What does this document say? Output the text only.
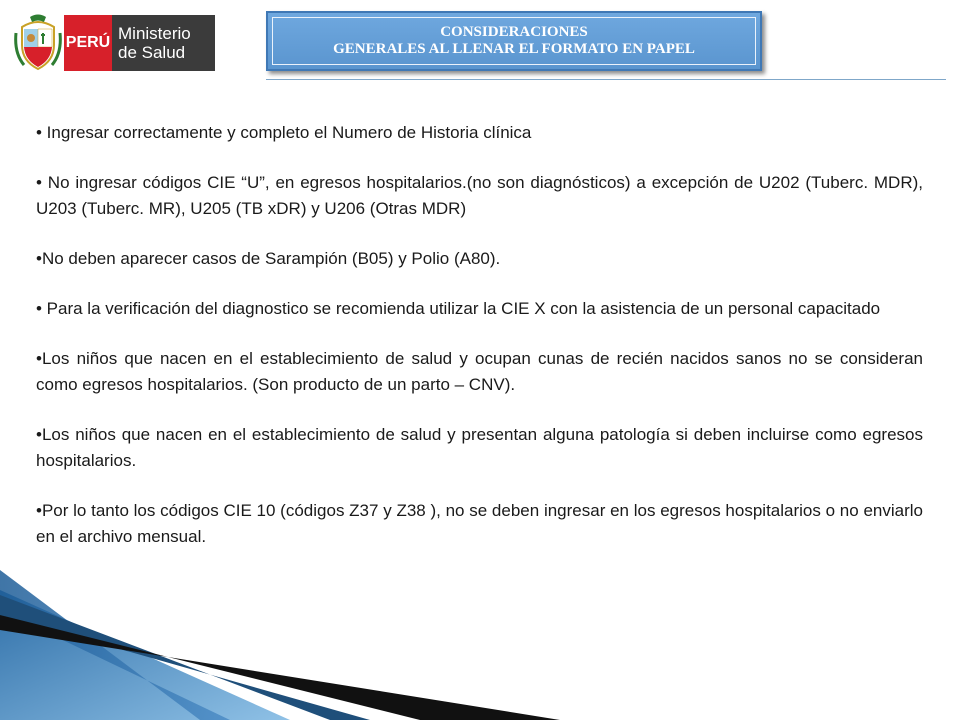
PERÚ Ministerio
de Salud
CONSIDERACIONES
GENERALES AL LLENAR EL FORMATO EN PAPEL

• Ingresar correctamente y completo el Numero de Historia clínica

• No ingresar códigos CIE “U”, en egresos hospitalarios.(no son diagnósticos) a excepción de U202 (Tuberc. MDR), U203 (Tuberc. MR), U205 (TB xDR) y U206 (Otras MDR)

•No deben aparecer casos de Sarampión (B05) y Polio (A80).

• Para la verificación del diagnostico se recomienda utilizar la CIE X con la asistencia de un personal capacitado

•Los niños que nacen en el establecimiento de salud y ocupan cunas de recién nacidos sanos no se consideran como egresos hospitalarios. (Son producto de un parto – CNV).

•Los niños que nacen en el establecimiento de salud y presentan alguna patología si deben incluirse como egresos hospitalarios.

•Por lo tanto los códigos CIE 10 (códigos Z37 y Z38 ), no se deben ingresar en los egresos hospitalarios o no enviarlo en el archivo mensual.
